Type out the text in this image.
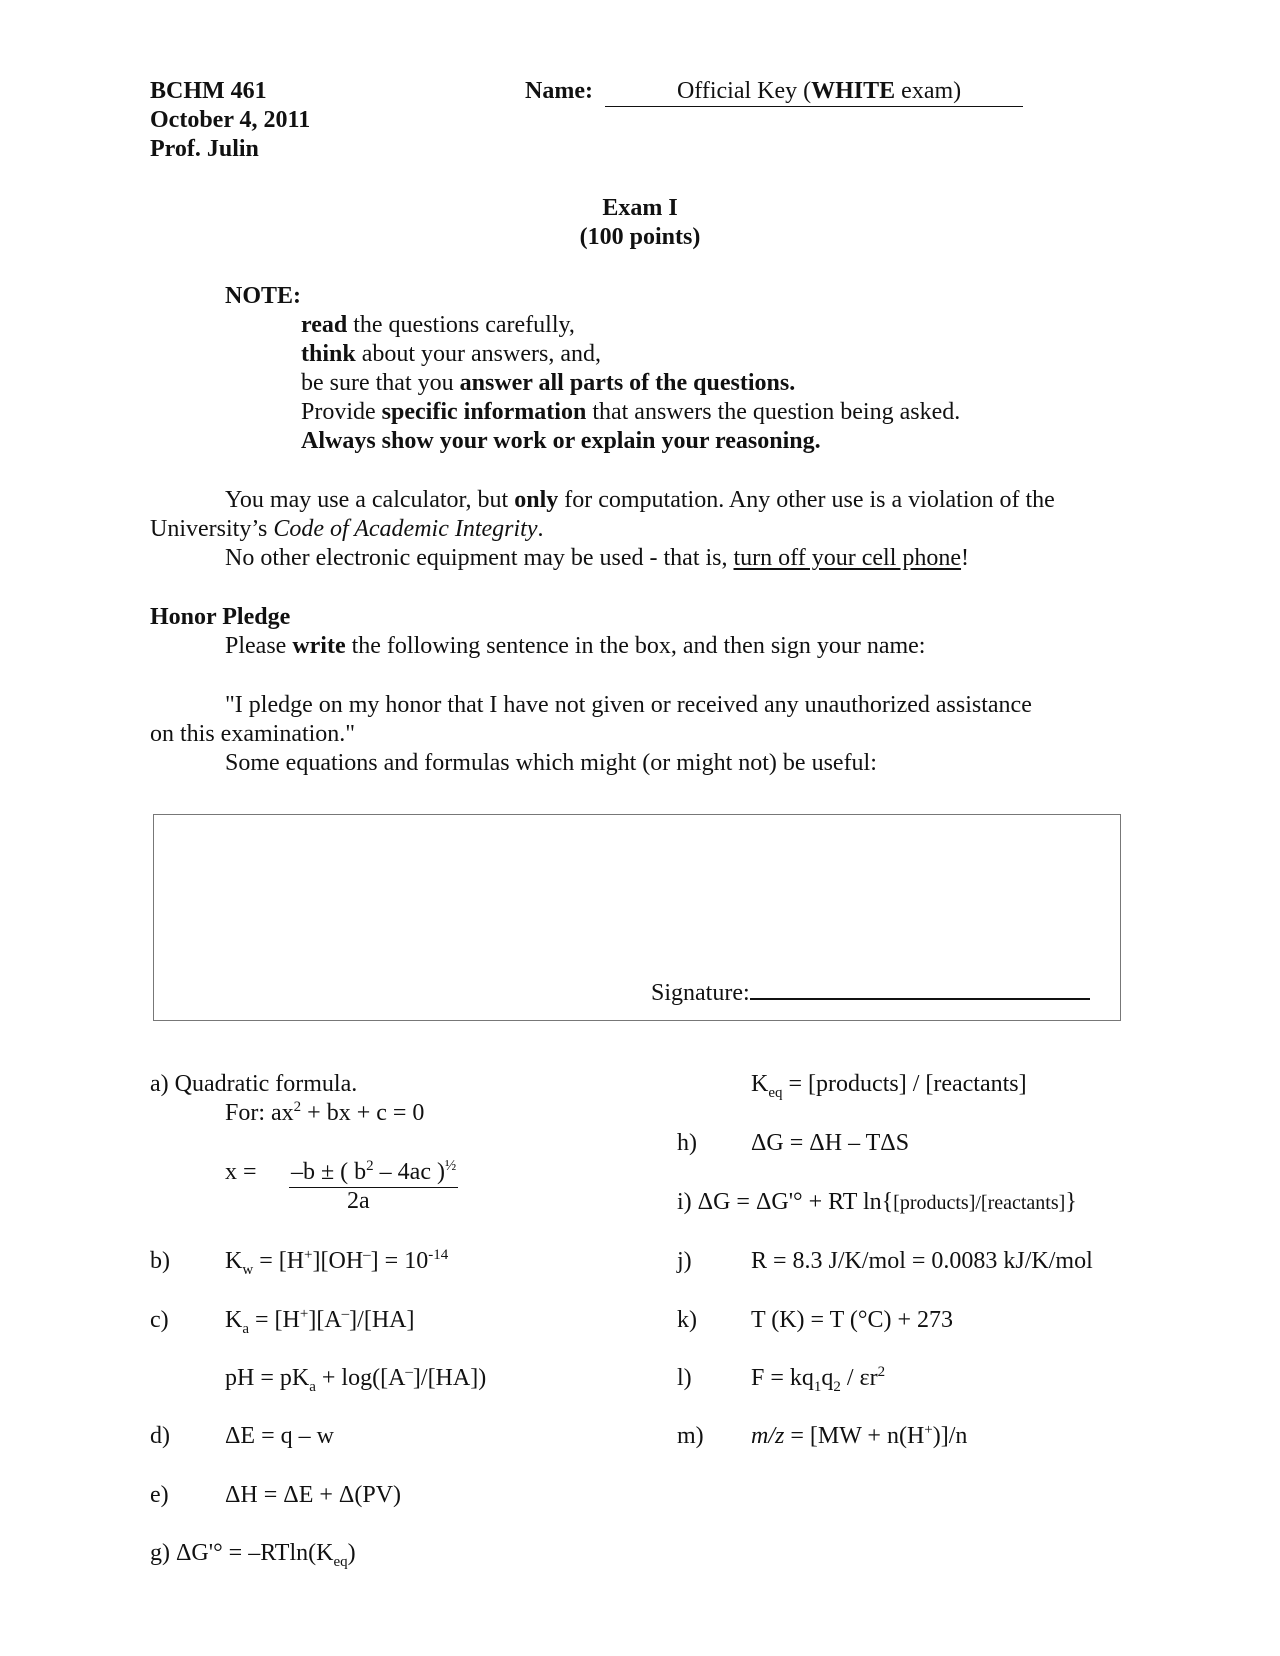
BCHM 461
October 4, 2011
Prof. Julin
Name:	Official Key (WHITE exam)
Exam I
(100 points)
NOTE:
read the questions carefully,
think about your answers, and,
be sure that you answer all parts of the questions.
Provide specific information that answers the question being asked.
Always show your work or explain your reasoning.
You may use a calculator, but only for computation. Any other use is a violation of the
University’s Code of Academic Integrity.
No other electronic equipment may be used - that is, turn off your cell phone!
Honor Pledge
Please write the following sentence in the box, and then sign your name:
"I pledge on my honor that I have not given or received any unauthorized assistance
on this examination."
Some equations and formulas which might (or might not) be useful:
Signature:
a) Quadratic formula.
For: $ax^2$ + bx + c = 0
x = –b ± ( $b^2 - 4ac$ )$^{\frac{1}{2}}$
2a
b) $K_w = [H^+][OH^-] = 10^{-14}$
c) $K_a = [H^+][A^-]/[HA]$
pH = $pK_a + \log([A^-]/[HA])$
d) ΔE = q – w
e) ΔH = ΔE + Δ(PV)
g) $\Delta G'^\circ = -RTln(K_{eq})$
$K_{eq}$ = [products] / [reactants]
h) ΔG = ΔH – TΔS
i) ΔG = ΔG'° + RT ln{[products]/[reactants]}
j) R = 8.3 J/K/mol = 0.0083 kJ/K/mol
k) T (K) = T (°C) + 273
l) $F = kq_1q_2 / \varepsilon r^2$
m) m/z = [MW + n(H+)]/n
